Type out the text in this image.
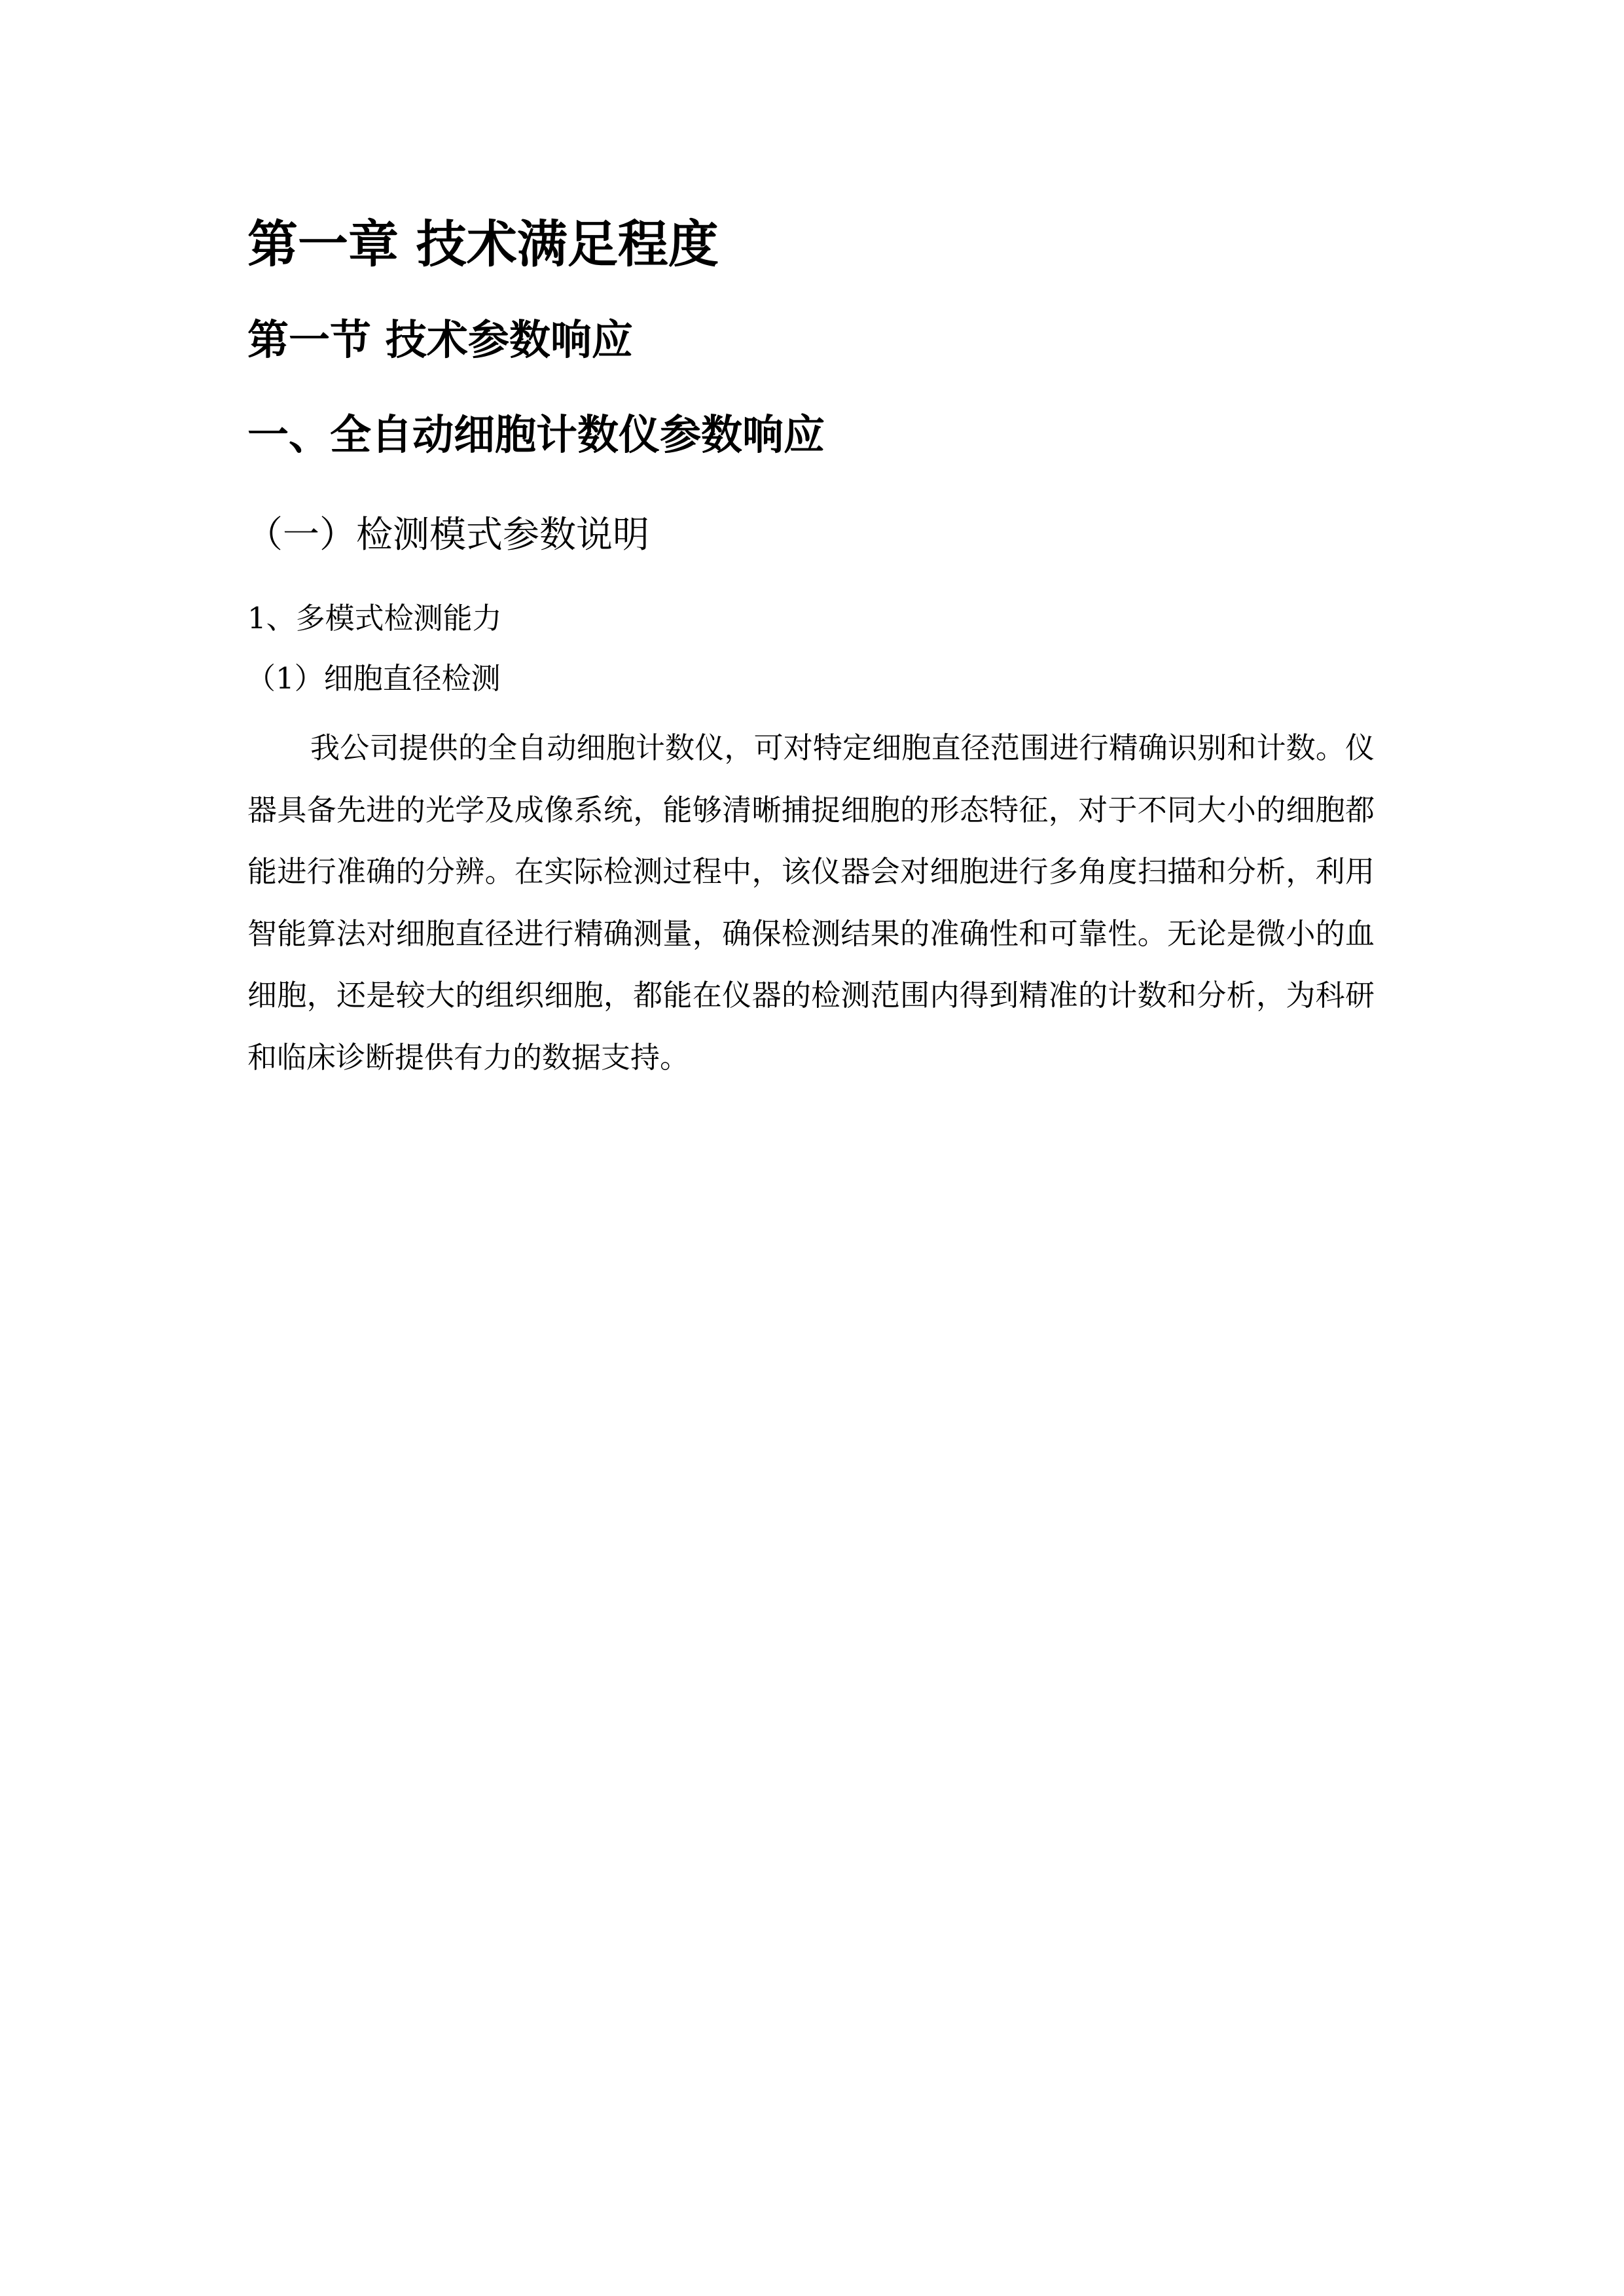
第一章 技术满足程度
第一节 技术参数响应
一、全自动细胞计数仪参数响应
（一）检测模式参数说明
1、多模式检测能力
（1）细胞直径检测

我公司提供的全自动细胞计数仪，可对特定细胞直径范围进行精确识别和计数。仪器具备先进的光学及成像系统，能够清晰捕捉细胞的形态特征，对于不同大小的细胞都能进行准确的分辨。在实际检测过程中，该仪器会对细胞进行多角度扫描和分析，利用智能算法对细胞直径进行精确测量，确保检测结果的准确性和可靠性。无论是微小的血细胞，还是较大的组织细胞，都能在仪器的检测范围内得到精准的计数和分析，为科研和临床诊断提供有力的数据支持。
